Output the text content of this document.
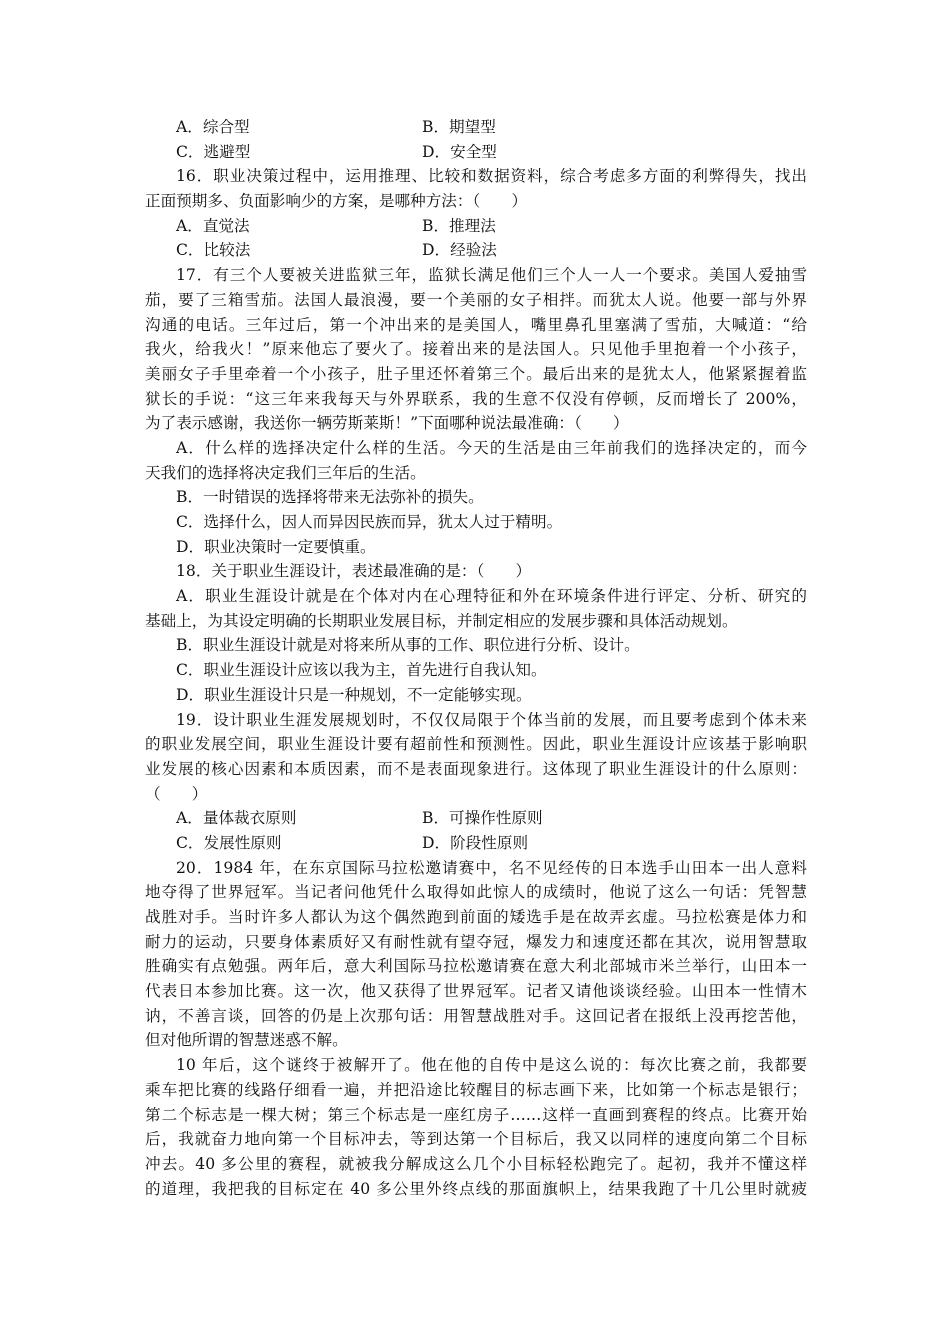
A．综合型	B．期望型
C．逃避型	D．安全型
16．职业决策过程中，运用推理、比较和数据资料，综合考虑多方面的利弊得失，找出
正面预期多、负面影响少的方案，是哪种方法：（　　）
A．直觉法	B．推理法
C．比较法	D．经验法
17．有三个人要被关进监狱三年，监狱长满足他们三个人一人一个要求。美国人爱抽雪
茄，要了三箱雪茄。法国人最浪漫，要一个美丽的女子相拌。而犹太人说。他要一部与外界
沟通的电话。三年过后，第一个冲出来的是美国人，嘴里鼻孔里塞满了雪茄，大喊道：“给
我火，给我火！”原来他忘了要火了。接着出来的是法国人。只见他手里抱着一个小孩子，
美丽女子手里牵着一个小孩子，肚子里还怀着第三个。最后出来的是犹太人，他紧紧握着监
狱长的手说：“这三年来我每天与外界联系，我的生意不仅没有停顿，反而增长了 200%，
为了表示感谢，我送你一辆劳斯莱斯！”下面哪种说法最准确：（　　）
A．什么样的选择决定什么样的生活。今天的生活是由三年前我们的选择决定的，而今
天我们的选择将决定我们三年后的生活。
B．一时错误的选择将带来无法弥补的损失。
C．选择什么，因人而异因民族而异，犹太人过于精明。
D．职业决策时一定要慎重。
18．关于职业生涯设计，表述最准确的是：（　　）
A．职业生涯设计就是在个体对内在心理特征和外在环境条件进行评定、分析、研究的
基础上，为其设定明确的长期职业发展目标，并制定相应的发展步骤和具体活动规划。
B．职业生涯设计就是对将来所从事的工作、职位进行分析、设计。
C．职业生涯设计应该以我为主，首先进行自我认知。
D．职业生涯设计只是一种规划，不一定能够实现。
19．设计职业生涯发展规划时，不仅仅局限于个体当前的发展，而且要考虑到个体未来
的职业发展空间，职业生涯设计要有超前性和预测性。因此，职业生涯设计应该基于影响职
业发展的核心因素和本质因素，而不是表面现象进行。这体现了职业生涯设计的什么原则：
（　　）
A．量体裁衣原则	B．可操作性原则
C．发展性原则	D．阶段性原则
20．1984 年，在东京国际马拉松邀请赛中，名不见经传的日本选手山田本一出人意料
地夺得了世界冠军。当记者问他凭什么取得如此惊人的成绩时，他说了这么一句话：凭智慧
战胜对手。当时许多人都认为这个偶然跑到前面的矮选手是在故弄玄虚。马拉松赛是体力和
耐力的运动，只要身体素质好又有耐性就有望夺冠，爆发力和速度还都在其次，说用智慧取
胜确实有点勉强。两年后，意大利国际马拉松邀请赛在意大利北部城市米兰举行，山田本一
代表日本参加比赛。这一次，他又获得了世界冠军。记者又请他谈谈经验。山田本一性情木
讷，不善言谈，回答的仍是上次那句话：用智慧战胜对手。这回记者在报纸上没再挖苦他，
但对他所谓的智慧迷惑不解。
10 年后，这个谜终于被解开了。他在他的自传中是这么说的：每次比赛之前，我都要
乘车把比赛的线路仔细看一遍，并把沿途比较醒目的标志画下来，比如第一个标志是银行；
第二个标志是一棵大树；第三个标志是一座红房子……这样一直画到赛程的终点。比赛开始
后，我就奋力地向第一个目标冲去，等到达第一个目标后，我又以同样的速度向第二个目标
冲去。40 多公里的赛程，就被我分解成这么几个小目标轻松跑完了。起初，我并不懂这样
的道理，我把我的目标定在 40 多公里外终点线的那面旗帜上，结果我跑了十几公里时就疲
